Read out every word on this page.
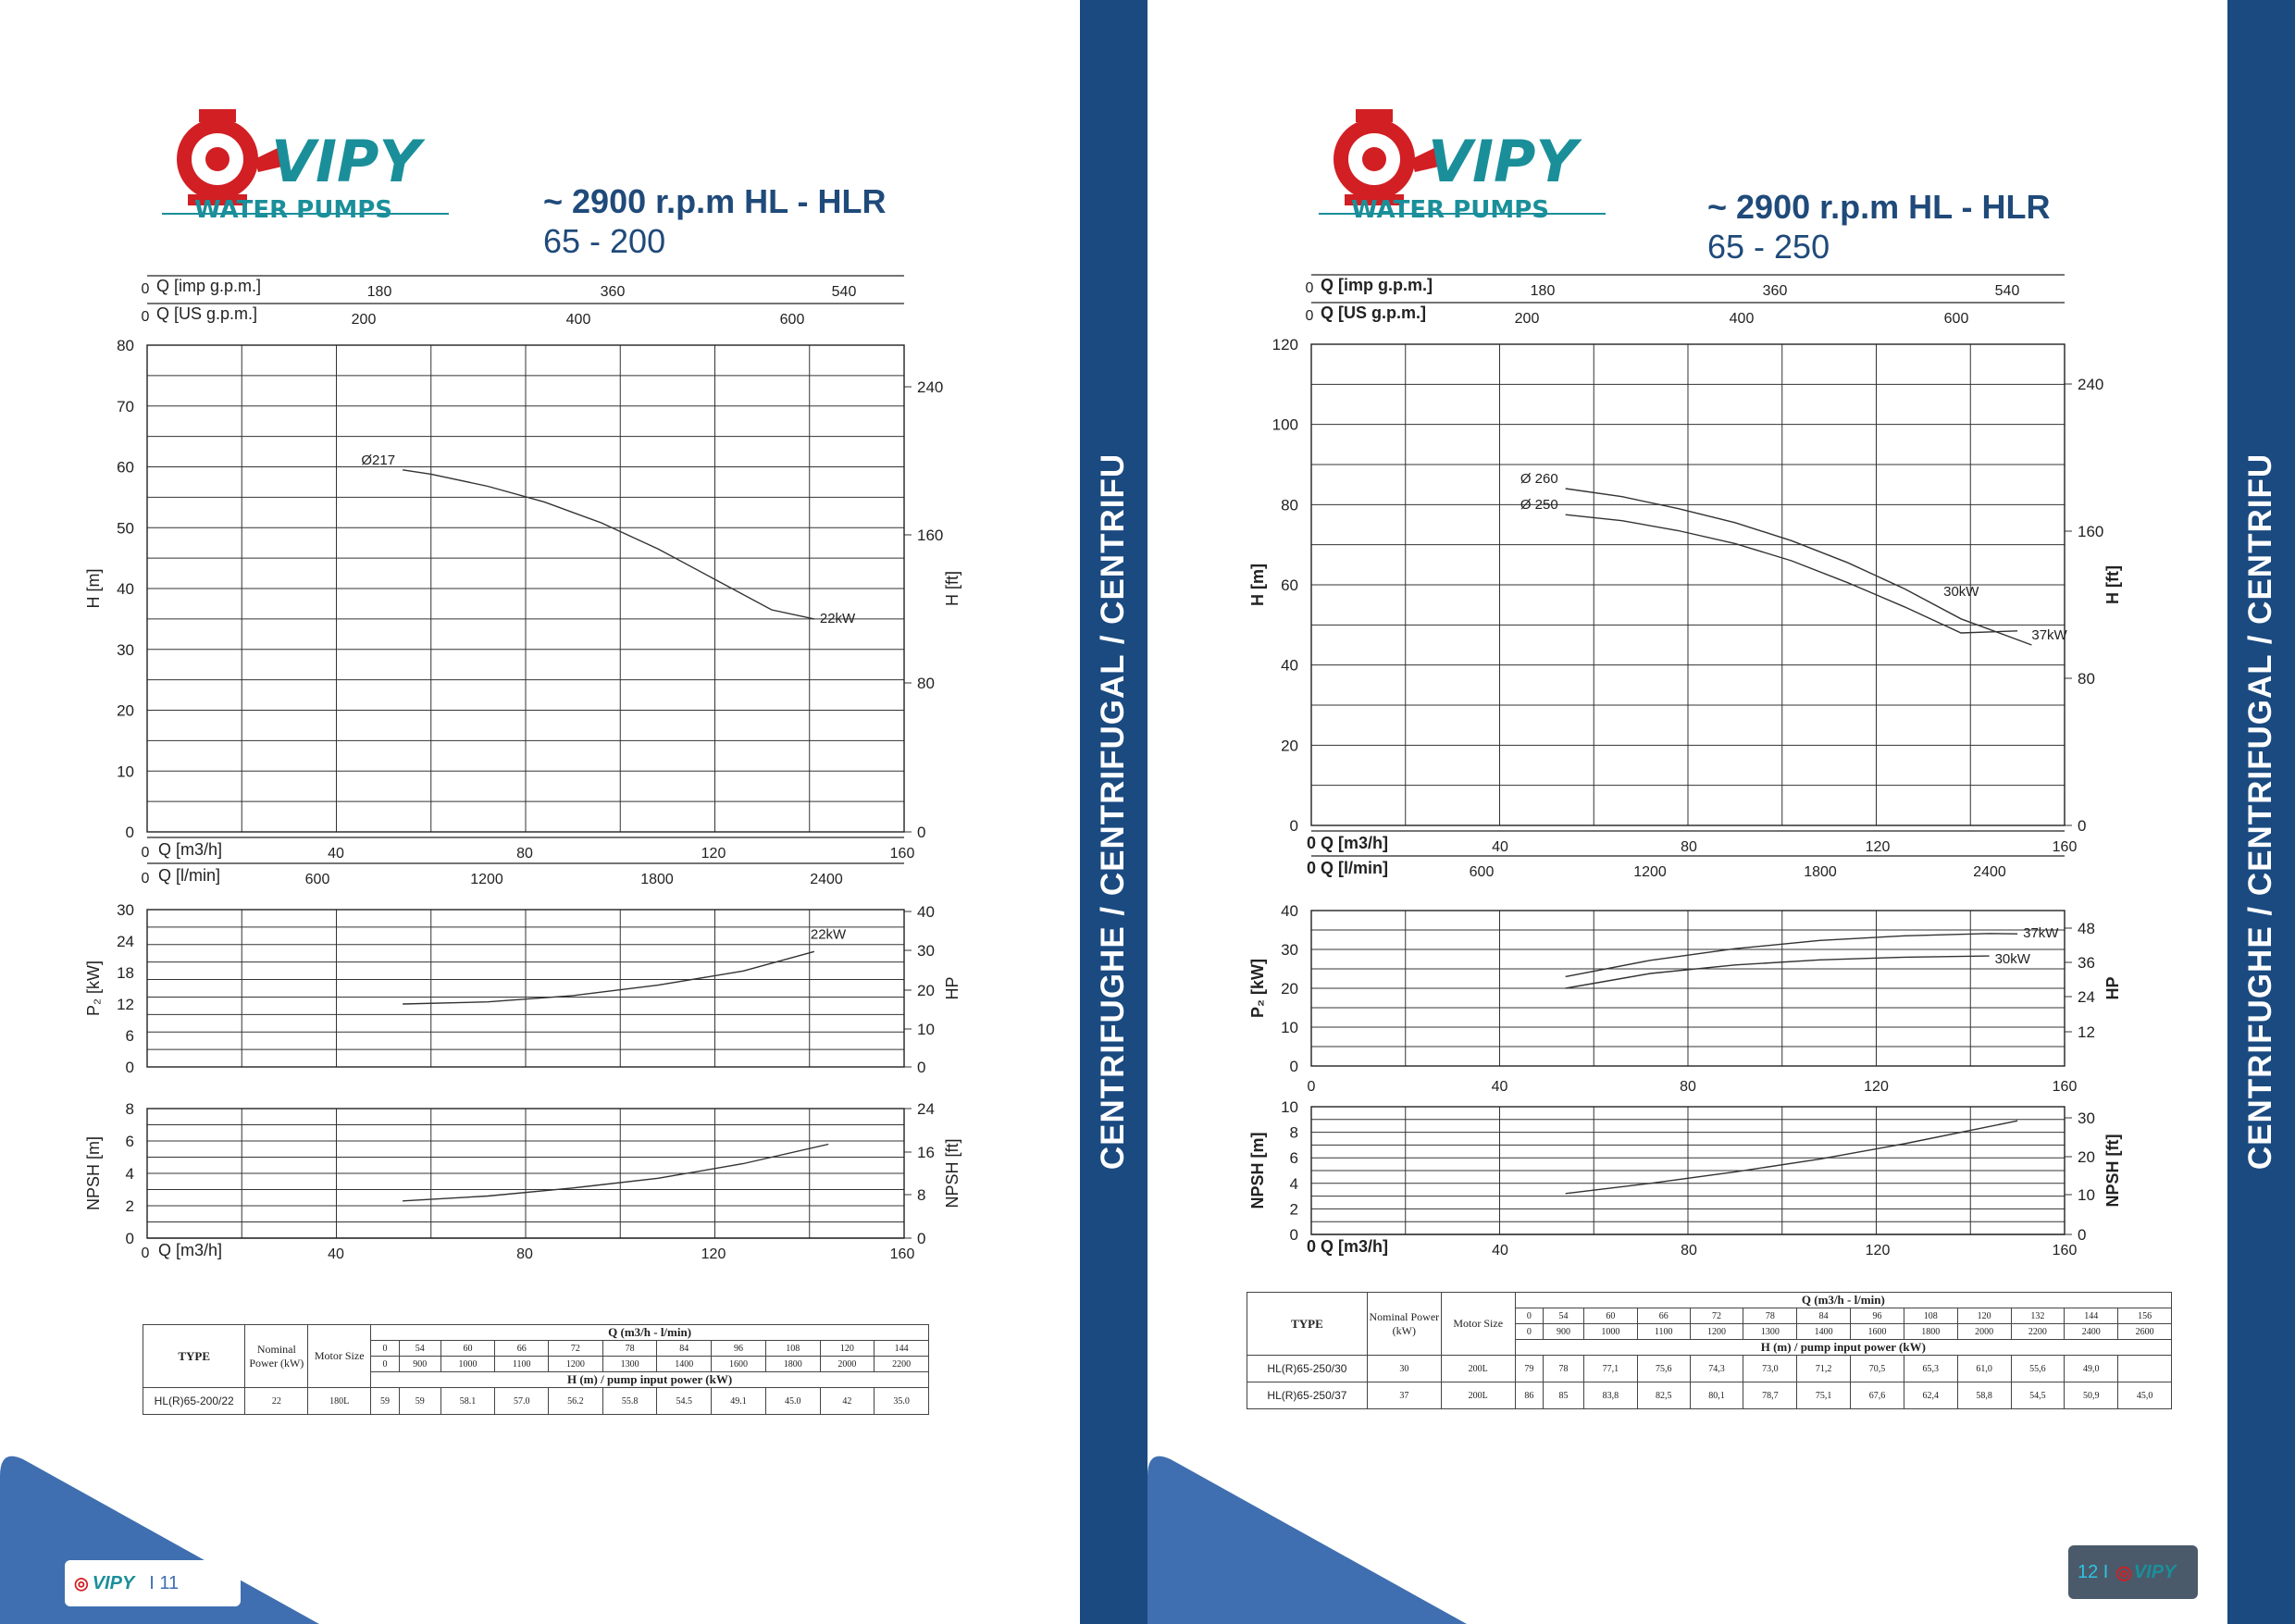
VIPY
WATER PUMPS	~ 2900 r.p.m HL - HLR
65 - 200
0 Q [imp g.p.m.]	180	360	540
0 Q [US g.p.m.]	200	400	600
0
10
20
30
40
50
60
70
80
0
80
160
240
H [m]	H [ft]
Ø217
22kW
0 Q [m3/h]	40	80	120	160
0 Q [l/min]	600	1200	1800	2400
0
6
12
18
24
30
0
10
20
30
40
P₂ [kW]	HP
22kW
0
2
4
6
8
0
8
16
24
NPSH [m]	NPSH [ft]
0 Q [m3/h]	40	80	120	160
TYPE	Nominal Power (kW)	Motor Size	Q (m3/h - l/min)										
			0	54	60	66	72	78	84	96	108	120	144
			0	900	1000	1100	1200	1300	1400	1600	1800	2000	2200
			H (m) / pump input power (kW)										
HL(R)65-200/22	22	180L	59	59	58.1	57.0	56.2	55.8	54.5	49.1	45.0	42	35.0
◎ VIPY I 11
CENTRIFUGHE / CENTRIFUGAL / CENTRIFU
VIPY
WATER PUMPS	~ 2900 r.p.m HL - HLR
65 - 250
0 Q [imp g.p.m.]	180	360	540
0 Q [US g.p.m.]	200	400	600
0
20
40
60
80
100
120
0
80
160
240
H [m]	H [ft]
Ø 260
37kW
Ø 250
30kW
0 Q [m3/h]	40	80	120	160
0 Q [l/min]	600	1200	1800	2400
0
10
20
30
40
12
24
36
48
P₂ [kW]	HP
37kW
30kW
0	40	80	120	160
0
2
4
6
8
10
0
10
20
30
NPSH [m]	NPSH [ft]
0 Q [m3/h]	40	80	120	160
TYPE	Nominal Power (kW)	Motor Size	Q (m3/h - l/min)												
			0	54	60	66	72	78	84	96	108	120	132	144	156
			0	900	1000	1100	1200	1300	1400	1600	1800	2000	2200	2400	2600
			H (m) / pump input power (kW)												
HL(R)65-250/30	30	200L	79	78	77,1	75,6	74,3	73,0	71,2	70,5	65,3	61,0	55,6	49,0	
HL(R)65-250/37	37	200L	86	85	83,8	82,5	80,1	78,7	75,1	67,6	62,4	58,8	54,5	50,9	45,0
12 I ◎ VIPY
CENTRIFUGHE / CENTRIFUGAL / CENTRIFU
